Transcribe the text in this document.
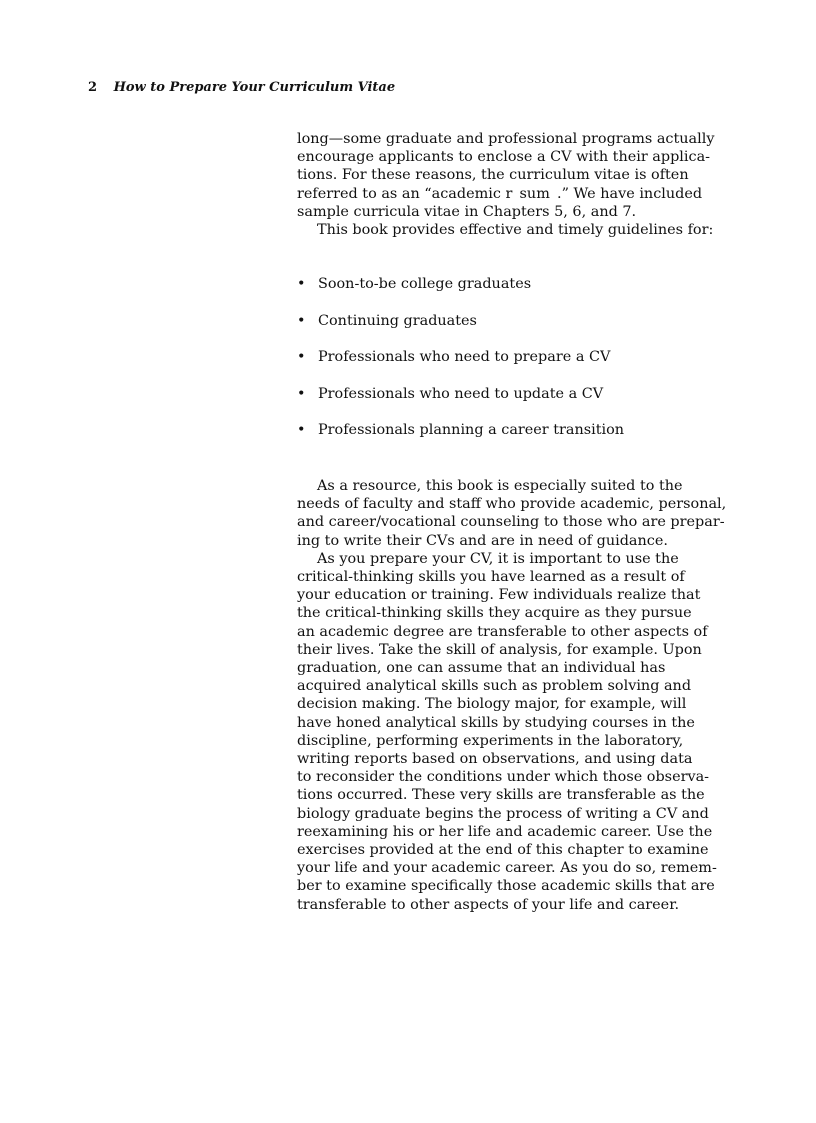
2 How to Prepare Your Curriculum Vitae
long—some graduate and professional programs actually
encourage applicants to enclose a CV with their applica-
tions. For these reasons, the curriculum vitae is often
referred to as an “academic r sum .” We have included
sample curricula vitae in Chapters 5, 6, and 7.
This book provides effective and timely guidelines for:
• Soon-to-be college graduates
• Continuing graduates
• Professionals who need to prepare a CV
• Professionals who need to update a CV
• Professionals planning a career transition
As a resource, this book is especially suited to the
needs of faculty and staff who provide academic, personal,
and career/vocational counseling to those who are prepar-
ing to write their CVs and are in need of guidance.
As you prepare your CV, it is important to use the
critical-thinking skills you have learned as a result of
your education or training. Few individuals realize that
the critical-thinking skills they acquire as they pursue
an academic degree are transferable to other aspects of
their lives. Take the skill of analysis, for example. Upon
graduation, one can assume that an individual has
acquired analytical skills such as problem solving and
decision making. The biology major, for example, will
have honed analytical skills by studying courses in the
discipline, performing experiments in the laboratory,
writing reports based on observations, and using data
to reconsider the conditions under which those observa-
tions occurred. These very skills are transferable as the
biology graduate begins the process of writing a CV and
reexamining his or her life and academic career. Use the
exercises provided at the end of this chapter to examine
your life and your academic career. As you do so, remem-
ber to examine specifically those academic skills that are
transferable to other aspects of your life and career.
